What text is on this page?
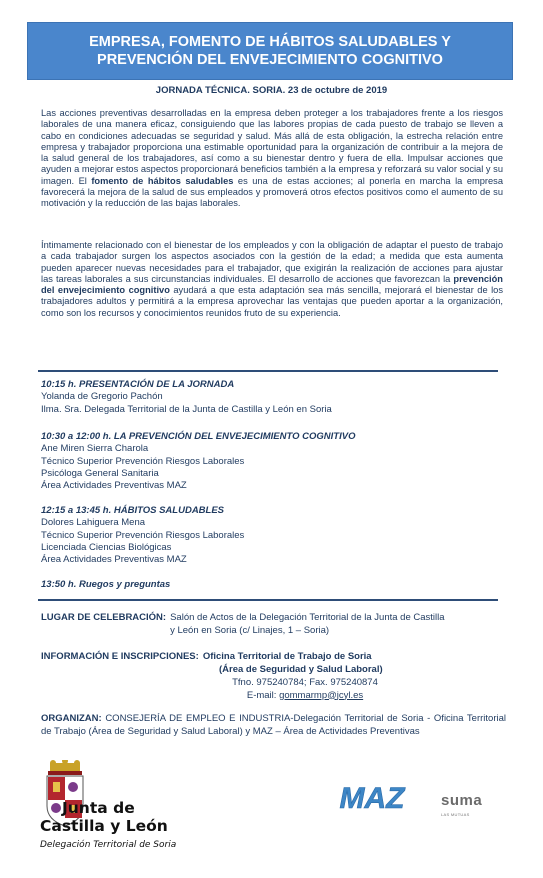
EMPRESA, FOMENTO DE HÁBITOS SALUDABLES Y
PREVENCIÓN DEL ENVEJECIMIENTO COGNITIVO
JORNADA TÉCNICA. SORIA. 23 de octubre de 2019

Las acciones preventivas desarrolladas en la empresa deben proteger a los trabajadores frente a los riesgos laborales de una manera eficaz, consiguiendo que las labores propias de cada puesto de trabajo se lleven a cabo en condiciones adecuadas se seguridad y salud. Más allá de esta obligación, la estrecha relación entre empresa y trabajador proporciona una estimable oportunidad para la organización de contribuir a la mejora de la salud general de los trabajadores, así como a su bienestar dentro y fuera de ella. Impulsar acciones que ayuden a mejorar estos aspectos proporcionará beneficios también a la empresa y reforzará su valor social y su imagen. El fomento de hábitos saludables es una de estas acciones; al ponerla en marcha la empresa favorecerá la mejora de la salud de sus empleados y promoverá otros efectos positivos como el aumento de su motivación y la reducción de las bajas laborales.

Íntimamente relacionado con el bienestar de los empleados y con la obligación de adaptar el puesto de trabajo a cada trabajador surgen los aspectos asociados con la gestión de la edad; a medida que esta aumenta pueden aparecer nuevas necesidades para el trabajador, que exigirán la realización de acciones para ajustar las tareas laborales a sus circunstancias individuales. El desarrollo de acciones que favorezcan la prevención del envejecimiento cognitivo ayudará a que esta adaptación sea más sencilla, mejorará el bienestar de los trabajadores adultos y permitirá a la empresa aprovechar las ventajas que pueden aportar a la organización, como son los recursos y conocimientos reunidos fruto de su experiencia.

10:15 h. PRESENTACIÓN DE LA JORNADA
Yolanda de Gregorio Pachón
Ilma. Sra. Delegada Territorial de la Junta de Castilla y León en Soria
10:30 a 12:00 h. LA PREVENCIÓN DEL ENVEJECIMIENTO COGNITIVO
Ane Miren Sierra Charola
Técnico Superior Prevención Riesgos Laborales
Psicóloga General Sanitaria
Área Actividades Preventivas MAZ
12:15 a 13:45 h. HÁBITOS SALUDABLES
Dolores Lahiguera Mena
Técnico Superior Prevención Riesgos Laborales
Licenciada Ciencias Biológicas
Área Actividades Preventivas MAZ
13:50 h. Ruegos y preguntas
LUGAR DE CELEBRACIÓN: Salón de Actos de la Delegación Territorial de la Junta de Castilla
y León en Soria (c/ Linajes, 1 – Soria)
INFORMACIÓN E INSCRIPCIONES: Oficina Territorial de Trabajo de Soria
(Área de Seguridad y Salud Laboral)
Tfno. 975240784; Fax. 975240874
E-mail: gommarmp@jcyl.es
ORGANIZAN: CONSEJERÍA DE EMPLEO E INDUSTRIA-Delegación Territorial de Soria - Oficina Territorial de Trabajo (Área de Seguridad y Salud Laboral) y MAZ – Área de Actividades Preventivas
Junta de
Castilla y León
Delegación Territorial de Soria
MAZ suma
LAS MUTUAS
